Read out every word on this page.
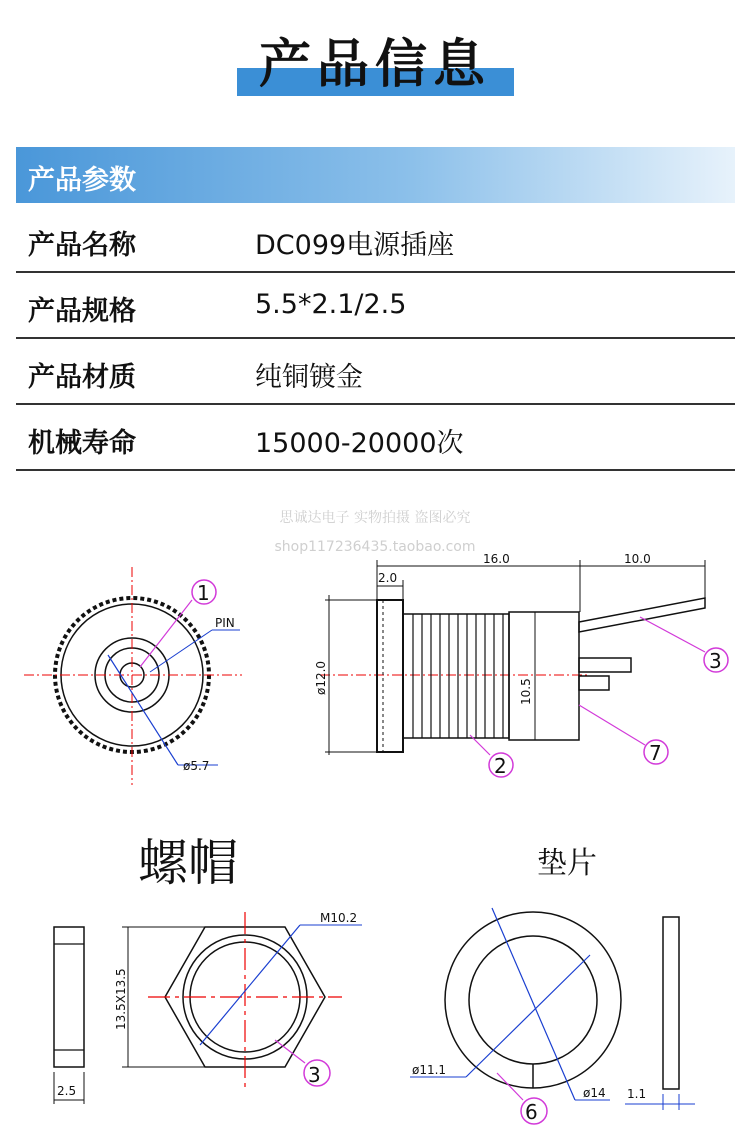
产品信息
产品参数
产品名称	DC099电源插座
产品规格	5.5*2.1/2.5
产品材质	纯铜镀金
机械寿命	15000-20000次
思诚达电子 实物拍摄 盗图必究
shop117236435.taobao.com
1
PIN
ø5.7
2.0
16.0	10.0
ø12.0	10.5
2
3
7
螺帽
M10.2
13.5X13.5
2.5
3
垫片
ø11.1
ø14 1.1
6
